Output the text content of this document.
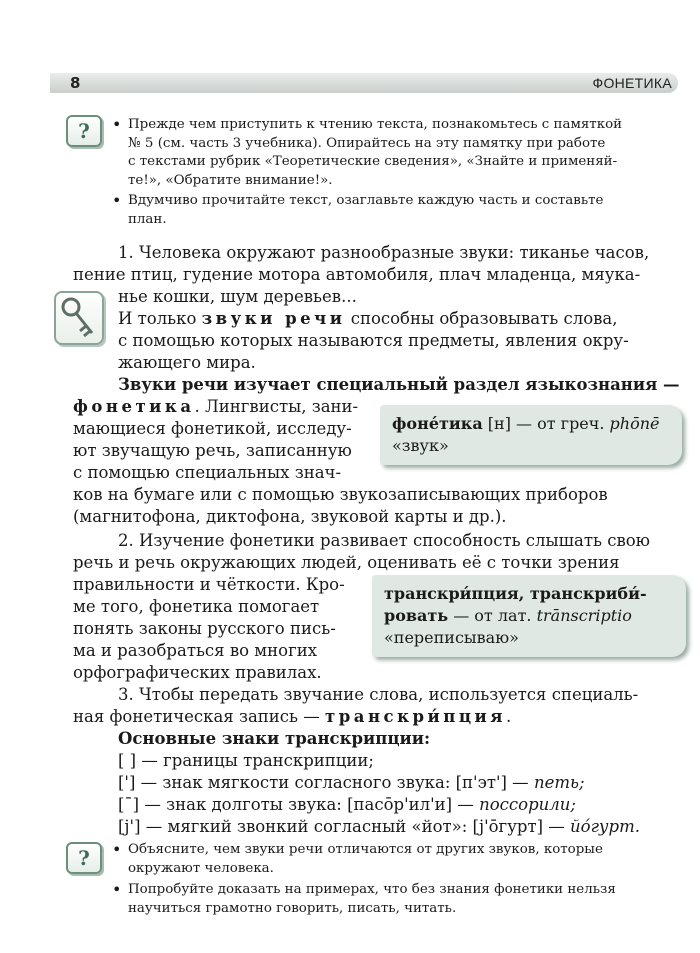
8	ФОНЕТИКА
?	• Прежде чем приступить к чтению текста, познакомьтесь с памяткой
№ 5 (см. часть 3 учебника). Опирайтесь на эту памятку при работе
с текстами рубрик «Теоретические сведения», «Знайте и применяй-
те!», «Обратите внимание!».
• Вдумчиво прочитайте текст, озаглавьте каждую часть и составьте
план.
1. Человека окружают разнообразные звуки: тиканье часов,
пение птиц, гудение мотора автомобиля, плач младенца, мяука-
нье кошки, шум деревьев...
И только звуки речи способны образовывать слова,
с помощью которых называются предметы, явления окру-
жающего мира.
Звуки речи изучает специальный раздел языкознания —
фонетика. Лингвисты, зани-
мающиеся фонетикой, исследу-
ют звучащую речь, записанную
с помощью специальных знач-
ков на бумаге или с помощью звукозаписывающих приборов
(магнитофона, диктофона, звуковой карты и др.).
фоне́тика [н] — от греч. phōnē
«звук»
2. Изучение фонетики развивает способность слышать свою
речь и речь окружающих людей, оценивать её с точки зрения
правильности и чёткости. Кро-
ме того, фонетика помогает
понять законы русского пись-
ма и разобраться во многих
орфографических правилах.
транскри́пция, транскриби́-
ровать — от лат. trānscriptio
«переписываю»
3. Чтобы передать звучание слова, используется специаль-
ная фонетическая запись — транскри́пция.
Основные знаки транскрипции:
[ ] — границы транскрипции;
['] — знак мягкости согласного звука: [п'эт'] — петь;
[¯] — знак долготы звука: [пасо̄р'ил'и] — поссорили;
[j'] — мягкий звонкий согласный «йот»: [j'ōгурт] — йо́гурт.
?	• Объясните, чем звуки речи отличаются от других звуков, которые
окружают человека.
• Попробуйте доказать на примерах, что без знания фонетики нельзя
научиться грамотно говорить, писать, читать.
